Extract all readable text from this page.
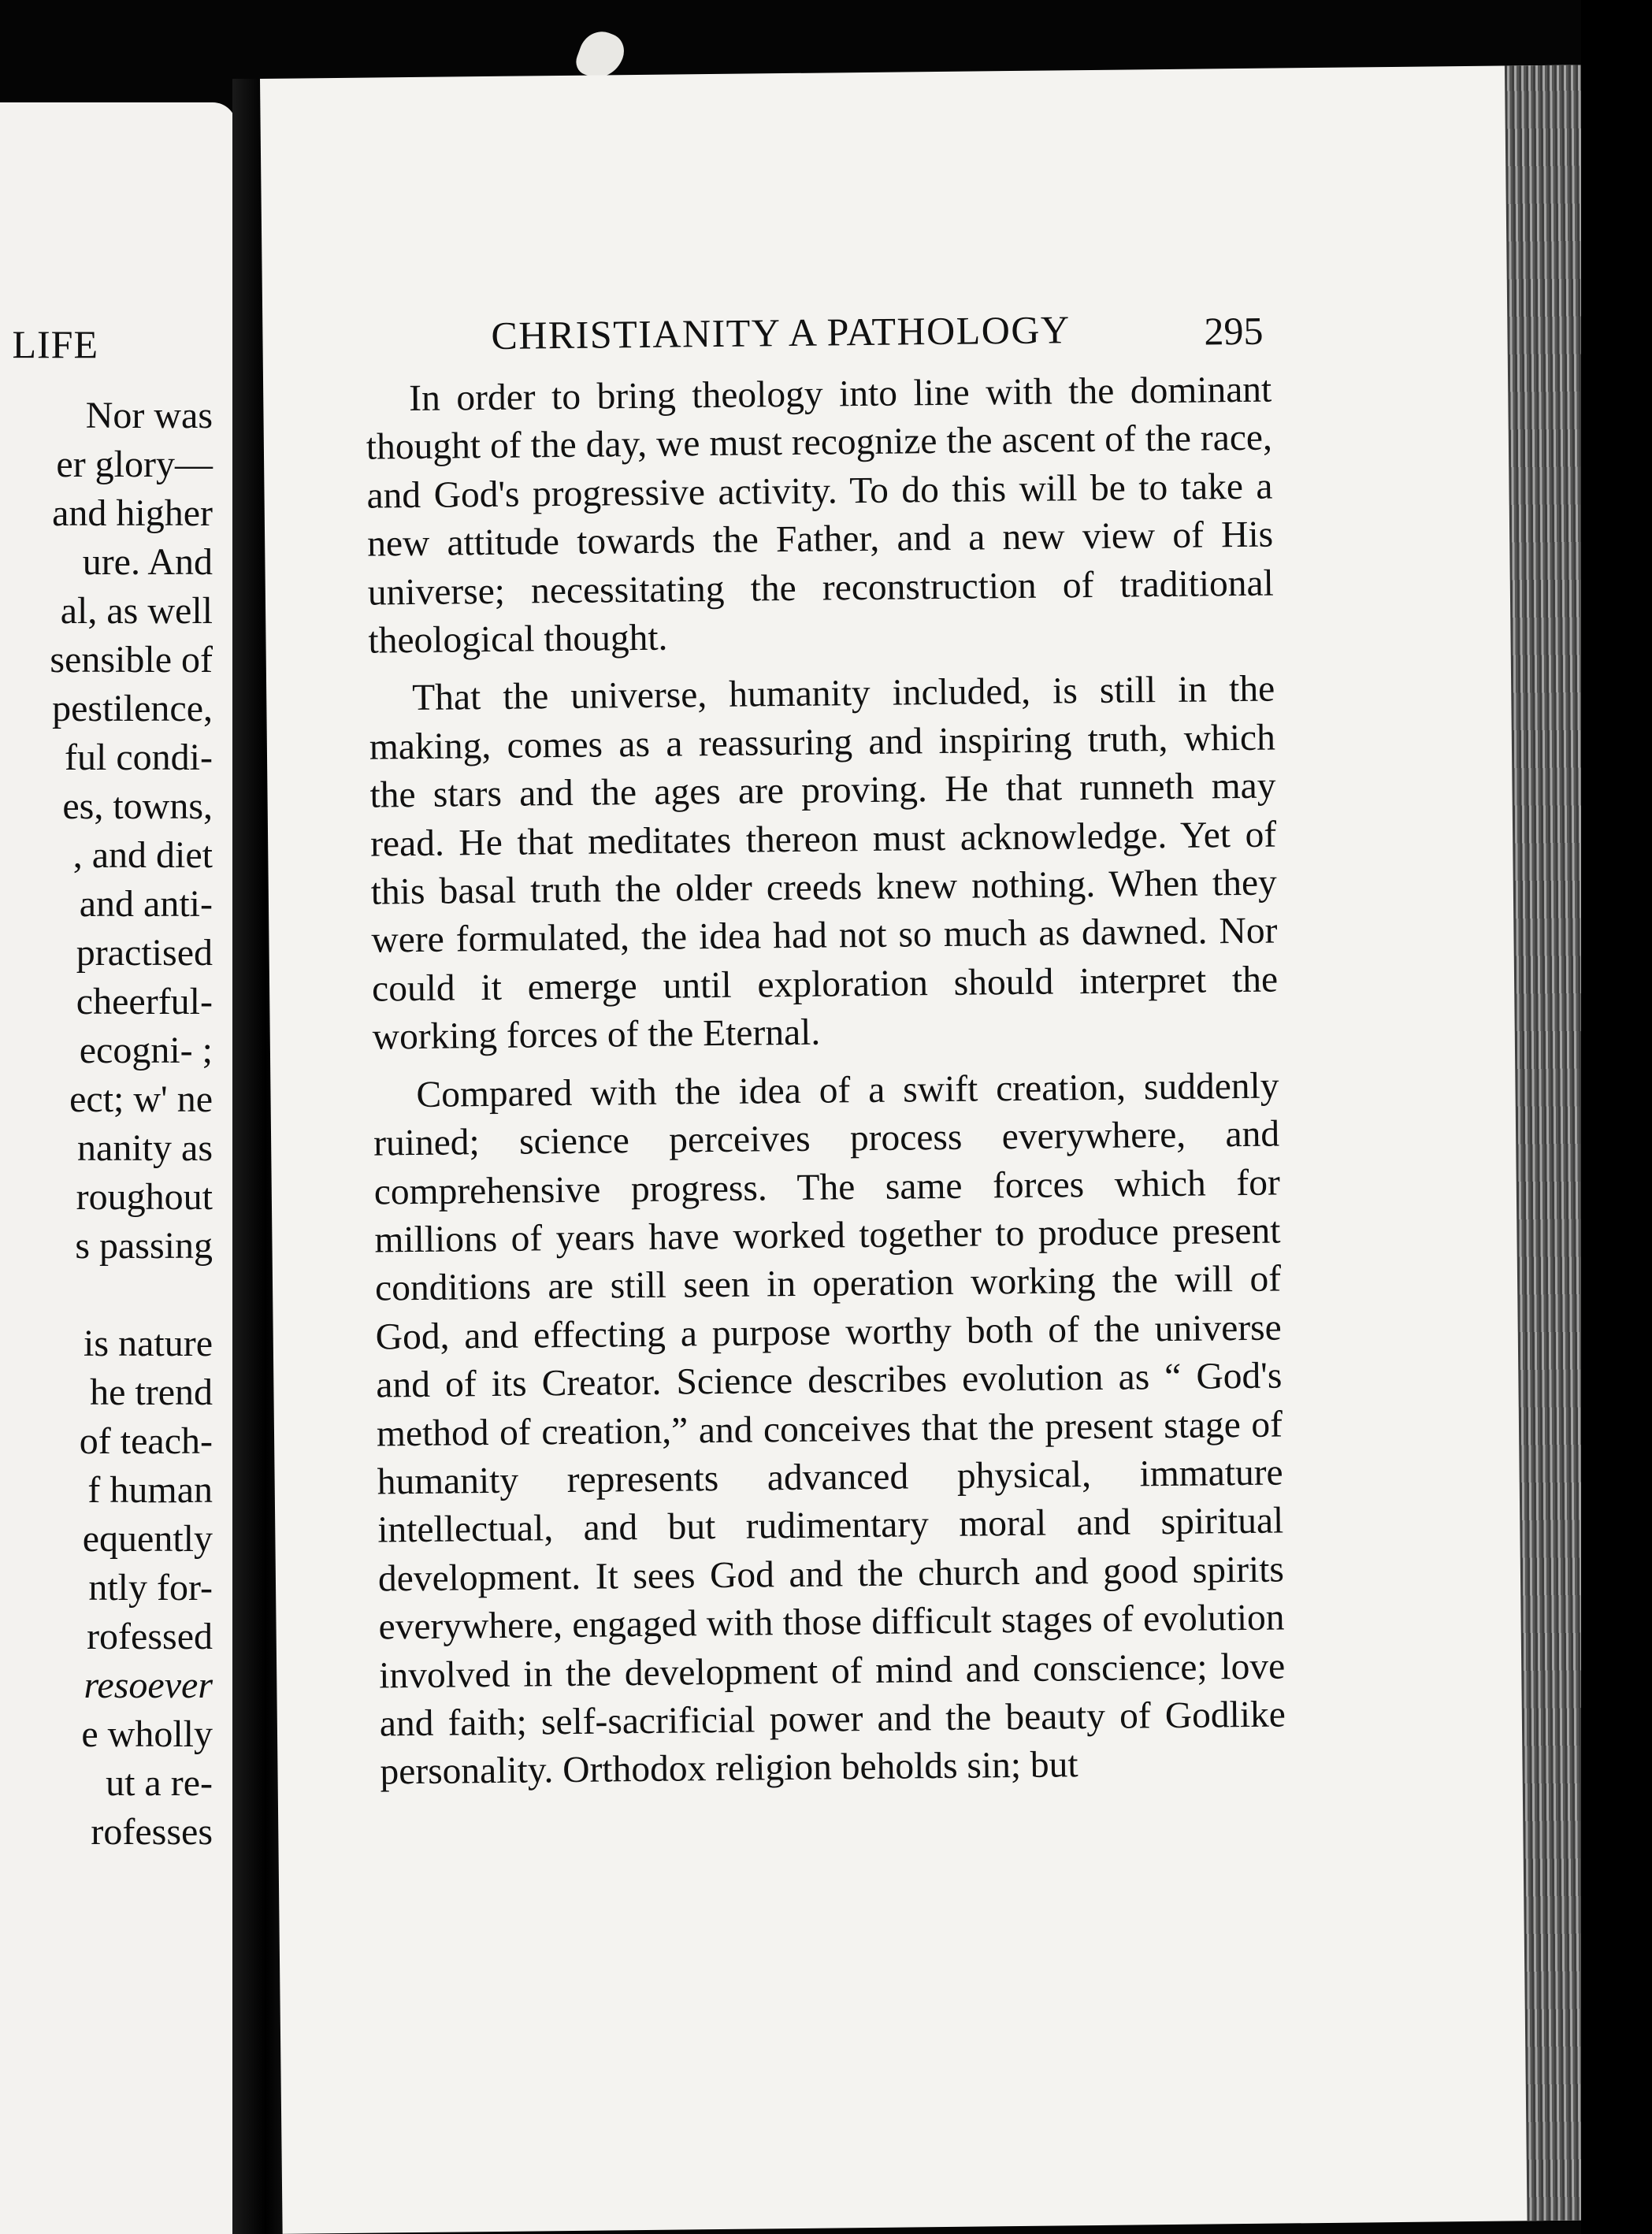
LIFE
Nor was
er glory—
and higher
ure. And
al, as well
sensible of
pestilence,
ful condi-
es, towns,
, and diet
and anti-
practised
cheerful-
ecogni- ;
ect; w' ne
nanity as
roughout
s passing
is nature
he trend
of teach-
f human
equently
ntly for-
rofessed
resoever
e wholly
ut a re-
rofesses
CHRISTIANITY A PATHOLOGY	295

In order to bring theology into line with the dominant thought of the day, we must recognize the ascent of the race, and God's progressive activity. To do this will be to take a new attitude towards the Father, and a new view of His universe; necessitating the reconstruction of traditional theological thought.

That the universe, humanity included, is still in the making, comes as a reassuring and inspiring truth, which the stars and the ages are proving. He that runneth may read. He that meditates thereon must acknowledge. Yet of this basal truth the older creeds knew nothing. When they were formulated, the idea had not so much as dawned. Nor could it emerge until exploration should interpret the working forces of the Eternal.

Compared with the idea of a swift creation, suddenly ruined; science perceives process everywhere, and comprehensive progress. The same forces which for millions of years have worked together to produce present conditions are still seen in operation working the will of God, and effecting a purpose worthy both of the universe and of its Creator. Science describes evolution as “ God's method of creation,” and conceives that the present stage of humanity represents advanced physical, immature intellectual, and but rudimentary moral and spiritual development. It sees God and the church and good spirits everywhere, engaged with those difficult stages of evolution involved in the development of mind and conscience; love and faith; self-sacrificial power and the beauty of Godlike personality. Orthodox religion beholds sin; but
